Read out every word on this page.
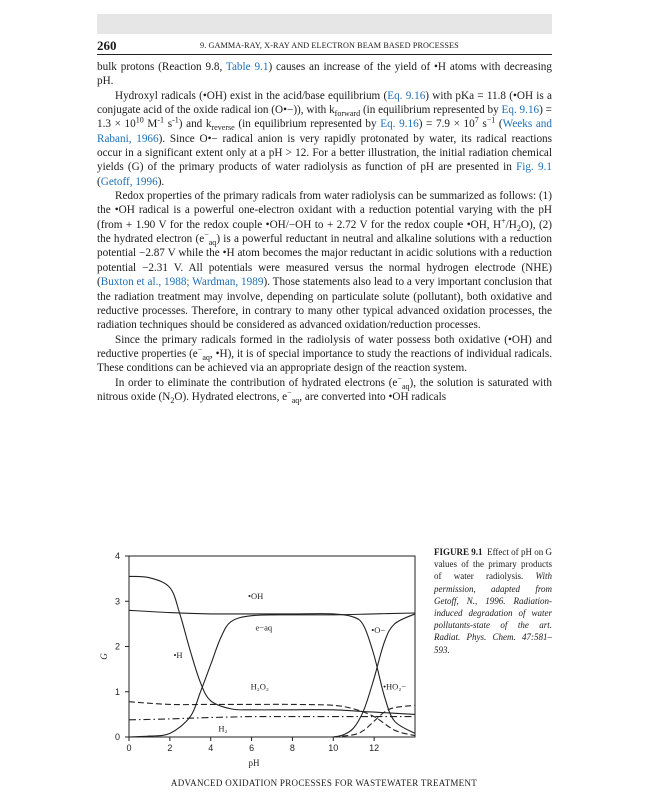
260	9. GAMMA-RAY, X-RAY AND ELECTRON BEAM BASED PROCESSES

bulk protons (Reaction 9.8, Table 9.1) causes an increase of the yield of •H atoms with decreasing pH.

Hydroxyl radicals (•OH) exist in the acid/base equilibrium (Eq. 9.16) with pKa = 11.8 (•OH is a conjugate acid of the oxide radical ion (O•−)), with $k_{forward}$ (in equilibrium represented by Eq. $9.16) = 1.3 \times 10^{10}$ $M^{-1}$ $s^{-1}$) and $k_{reverse}$ (in equilibrium represented by Eq. $9.16) = 7.9 \times 10^7$ $s^{-1}$ (Weeks and Rabani, 1966). Since O•− radical anion is very rapidly protonated by water, its radical reactions occur in a significant extent only at a pH > 12. For a better illustration, the initial radiation chemical yields (G) of the primary products of water radiolysis as function of pH are presented in Fig. 9.1 (Getoff, 1996).

Redox properties of the primary radicals from water radiolysis can be summarized as follows: (1) the •OH radical is a powerful one-electron oxidant with a reduction potential varying with the pH (from + 1.90 V for the redox couple •OH/−OH to + 2.72 V for the redox couple •OH, $H^+/H_2O$), (2) the hydrated electron $(e^-_{aq})$ is a powerful reductant in neutral and alkaline solutions with a reduction potential −2.87 V while the •H atom becomes the major reductant in acidic solutions with a reduction potential −2.31 V. All potentials were measured versus the normal hydrogen electrode (NHE) (Buxton et al., 1988; Wardman, 1989). Those statements also lead to a very important conclusion that the radiation treatment may involve, depending on particulate solute (pollutant), both oxidative and reductive processes. Therefore, in contrary to many other typical advanced oxidation processes, the radiation techniques should be considered as advanced oxidation/reduction processes.

Since the primary radicals formed in the radiolysis of water possess both oxidative (•OH) and reductive properties ($e^-_{aq}$, •H), it is of special importance to study the reactions of individual radicals. These conditions can be achieved via an appropriate design of the reaction system.

In order to eliminate the contribution of hydrated electrons $(e^-_{aq})$, the solution is saturated with nitrous oxide $(N_2O)$. Hydrated electrons, $e^-_{aq}$, are converted into •OH radicals

0
1
2
3
4
0	2	4	6	8	10	12
pH
G
•OH
e−aq
•H
•O−
H₂O₂	•HO₂−
H₂
FIGURE 9.1 Effect of pH on G values of the primary products of water radiolysis. With permission, adapted from Getoff, N., 1996. Radiation-induced degradation of water pollutants-state of the art. Radiat. Phys. Chem. 47:581–593.
ADVANCED OXIDATION PROCESSES FOR WASTEWATER TREATMENT
